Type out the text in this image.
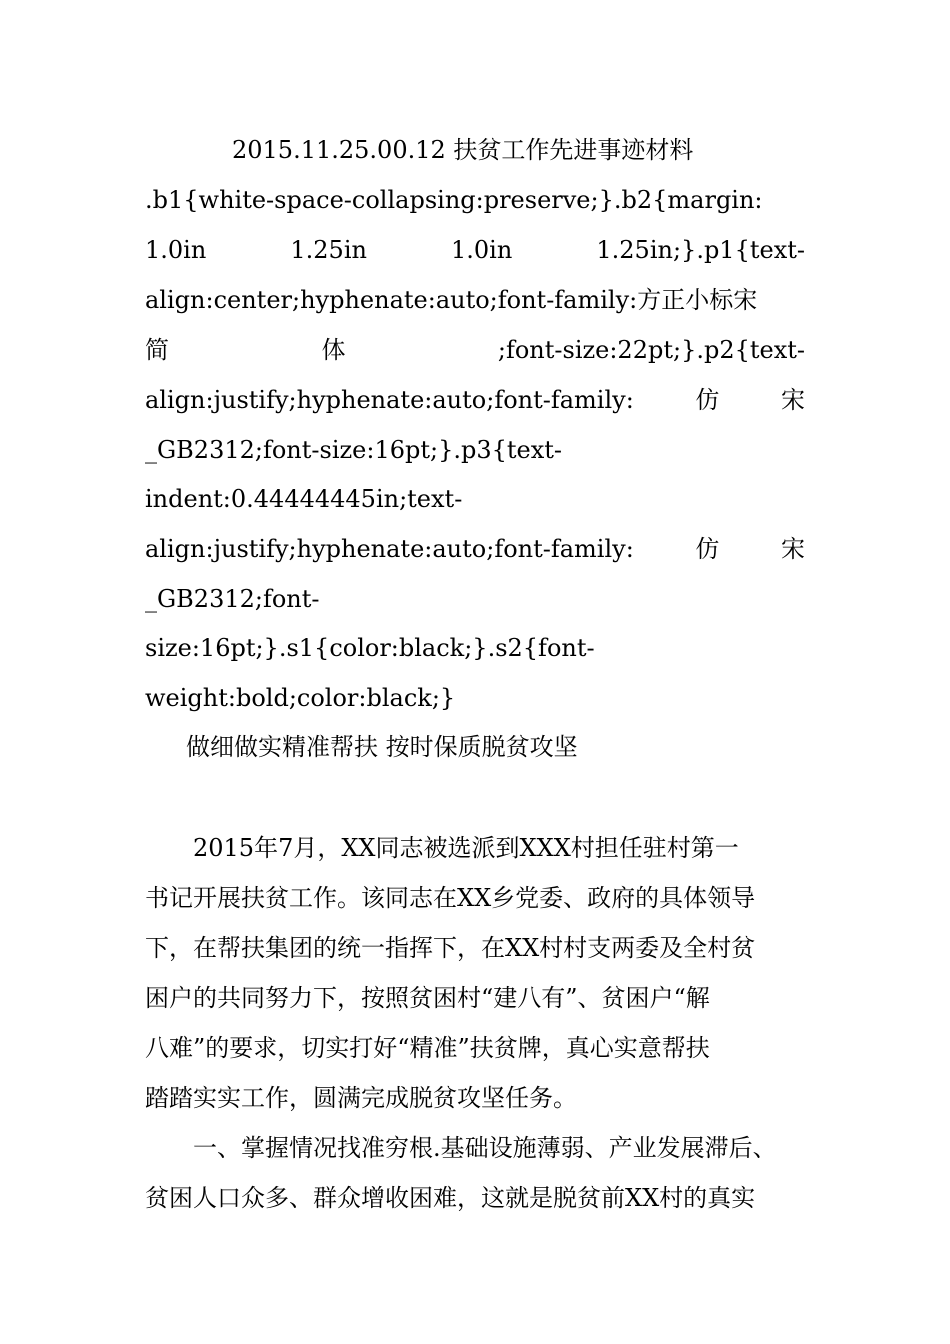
2015.11.25.00.12 扶贫工作先进事迹材料
.b1{white-space-collapsing:preserve;}.b2{margin:
1.0in	1.25in	1.0in	1.25in;}.p1{text-
align:center;hyphenate:auto;font-family:方正小标宋
简	体	;font-size:22pt;}.p2{text-
align:justify;hyphenate:auto;font-family:	仿	宋
_GB2312;font-size:16pt;}.p3{text-
indent:0.44444445in;text-
align:justify;hyphenate:auto;font-family:	仿	宋
_GB2312;font-
size:16pt;}.s1{color:black;}.s2{font-
weight:bold;color:black;}
做细做实精准帮扶 按时保质脱贫攻坚
2015年7月，XX同志被选派到XXX村担任驻村第一
书记开展扶贫工作。该同志在XX乡党委、政府的具体领导
下，在帮扶集团的统一指挥下，在XX村村支两委及全村贫
困户的共同努力下，按照贫困村“建八有”、贫困户“解
八难”的要求，切实打好“精准”扶贫牌，真心实意帮扶
踏踏实实工作，圆满完成脱贫攻坚任务。
一、掌握情况找准穷根.基础设施薄弱、产业发展滞后、
贫困人口众多、群众增收困难，这就是脱贫前XX村的真实
